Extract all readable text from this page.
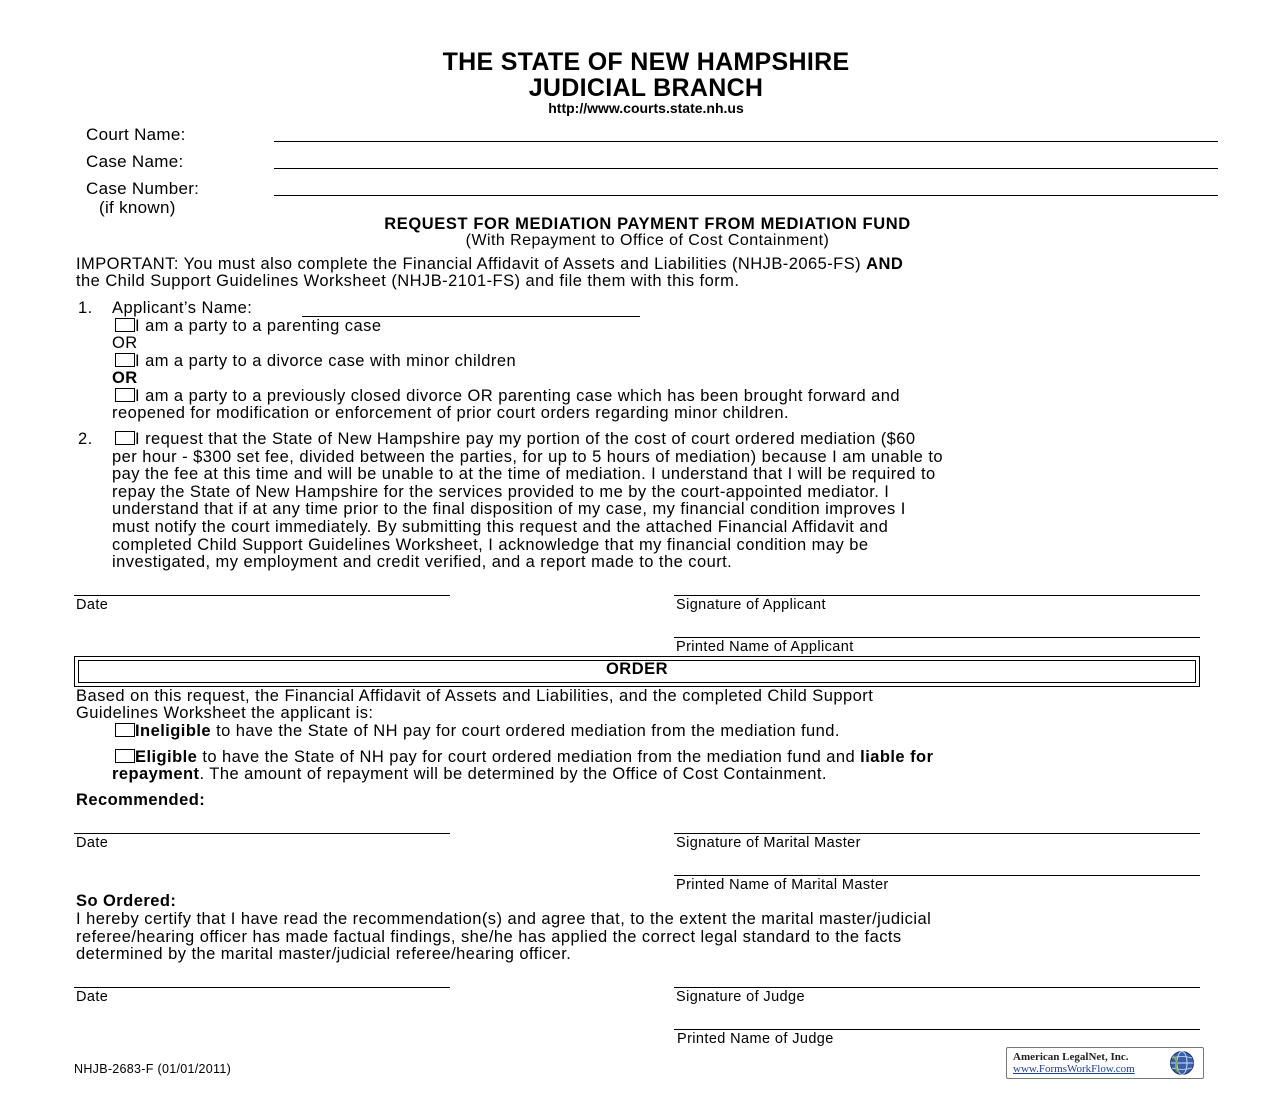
THE STATE OF NEW HAMPSHIRE
JUDICIAL BRANCH
http://www.courts.state.nh.us
Court Name:
Case Name:
Case Number:
(if known)
REQUEST FOR MEDIATION PAYMENT FROM MEDIATION FUND
(With Repayment to Office of Cost Containment)
IMPORTANT: You must also complete the Financial Affidavit of Assets and Liabilities (NHJB-2065-FS) AND
the Child Support Guidelines Worksheet (NHJB-2101-FS) and file them with this form.
1. Applicant’s Name:
I am a party to a parenting case
OR
I am a party to a divorce case with minor children
OR
I am a party to a previously closed divorce OR parenting case which has been brought forward and
reopened for modification or enforcement of prior court orders regarding minor children.
2.	I request that the State of New Hampshire pay my portion of the cost of court ordered mediation ($60
per hour - $300 set fee, divided between the parties, for up to 5 hours of mediation) because I am unable to
pay the fee at this time and will be unable to at the time of mediation. I understand that I will be required to
repay the State of New Hampshire for the services provided to me by the court-appointed mediator. I
understand that if at any time prior to the final disposition of my case, my financial condition improves I
must notify the court immediately. By submitting this request and the attached Financial Affidavit and
completed Child Support Guidelines Worksheet, I acknowledge that my financial condition may be
investigated, my employment and credit verified, and a report made to the court.
Date	Signature of Applicant
Printed Name of Applicant
ORDER
Based on this request, the Financial Affidavit of Assets and Liabilities, and the completed Child Support
Guidelines Worksheet the applicant is:
Ineligible to have the State of NH pay for court ordered mediation from the mediation fund.
Eligible to have the State of NH pay for court ordered mediation from the mediation fund and liable for
repayment. The amount of repayment will be determined by the Office of Cost Containment.
Recommended:
Date	Signature of Marital Master
Printed Name of Marital Master
So Ordered:
I hereby certify that I have read the recommendation(s) and agree that, to the extent the marital master/judicial
referee/hearing officer has made factual findings, she/he has applied the correct legal standard to the facts
determined by the marital master/judicial referee/hearing officer.
Date	Signature of Judge
Printed Name of Judge
NHJB-2683-F (01/01/2011)
American LegalNet, Inc.
www.FormsWorkFlow.com
